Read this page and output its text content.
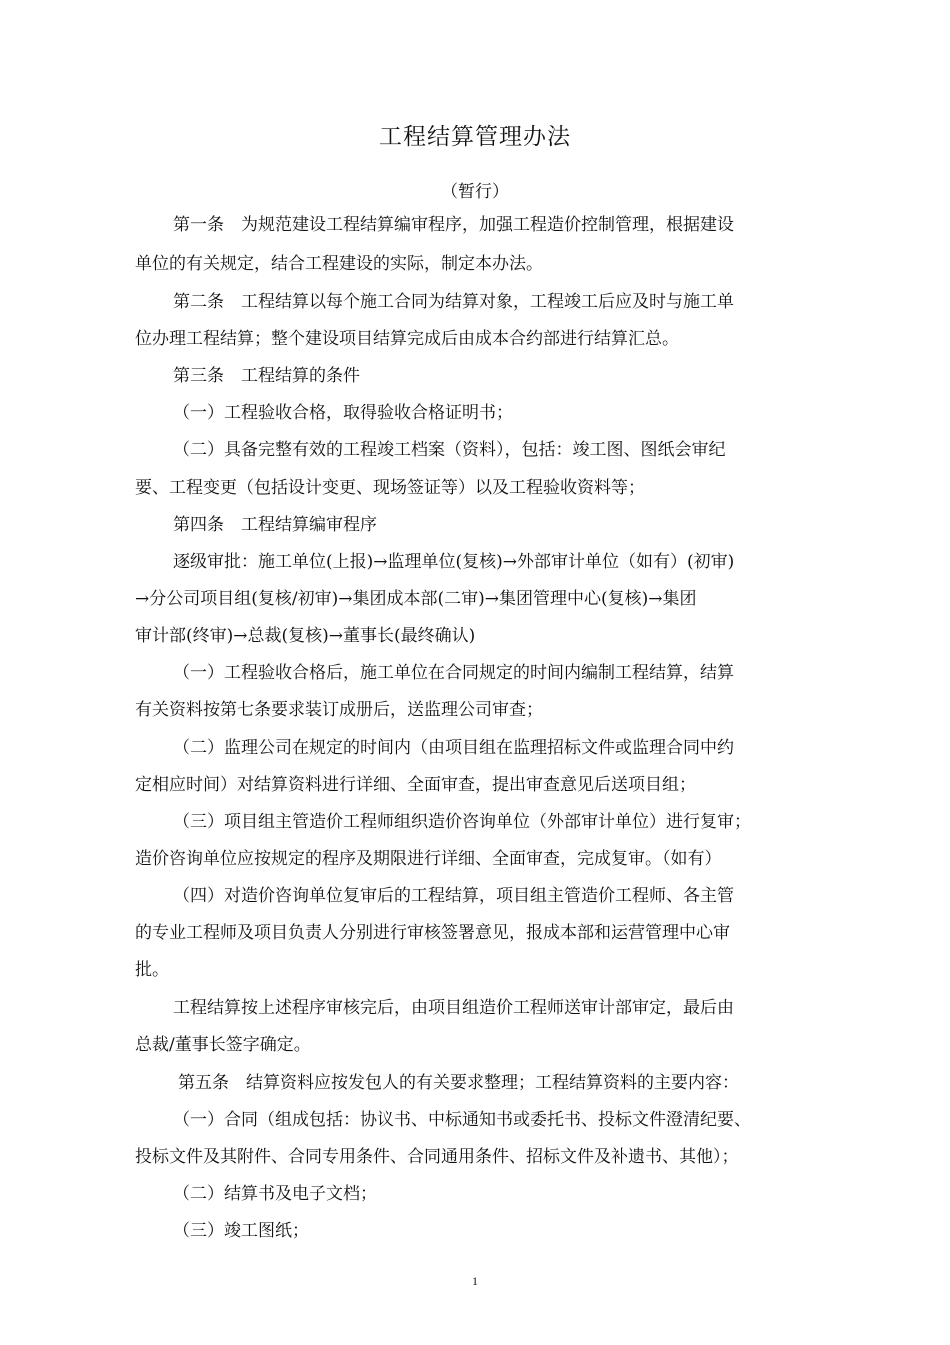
工程结算管理办法
（暂行）
第一条　为规范建设工程结算编审程序，加强工程造价控制管理，根据建设
单位的有关规定，结合工程建设的实际，制定本办法。
第二条　工程结算以每个施工合同为结算对象，工程竣工后应及时与施工单
位办理工程结算；整个建设项目结算完成后由成本合约部进行结算汇总。
第三条　工程结算的条件
（一）工程验收合格，取得验收合格证明书；
（二）具备完整有效的工程竣工档案（资料），包括：竣工图、图纸会审纪
要、工程变更（包括设计变更、现场签证等）以及工程验收资料等；
第四条　工程结算编审程序
逐级审批：施工单位(上报)→监理单位(复核)→外部审计单位（如有）(初审)
→分公司项目组(复核/初审)→集团成本部(二审)→集团管理中心(复核)→集团
审计部(终审)→总裁(复核)→董事长(最终确认)
（一）工程验收合格后，施工单位在合同规定的时间内编制工程结算，结算
有关资料按第七条要求装订成册后，送监理公司审查；
（二）监理公司在规定的时间内（由项目组在监理招标文件或监理合同中约
定相应时间）对结算资料进行详细、全面审查，提出审查意见后送项目组；
（三）项目组主管造价工程师组织造价咨询单位（外部审计单位）进行复审；
造价咨询单位应按规定的程序及期限进行详细、全面审查，完成复审。（如有）
（四）对造价咨询单位复审后的工程结算，项目组主管造价工程师、各主管
的专业工程师及项目负责人分别进行审核签署意见，报成本部和运营管理中心审
批。
工程结算按上述程序审核完后，由项目组造价工程师送审计部审定，最后由
总裁/董事长签字确定。
第五条　结算资料应按发包人的有关要求整理；工程结算资料的主要内容：
（一）合同（组成包括：协议书、中标通知书或委托书、投标文件澄清纪要、
投标文件及其附件、合同专用条件、合同通用条件、招标文件及补遗书、其他）；
（二）结算书及电子文档；
（三）竣工图纸；
1
